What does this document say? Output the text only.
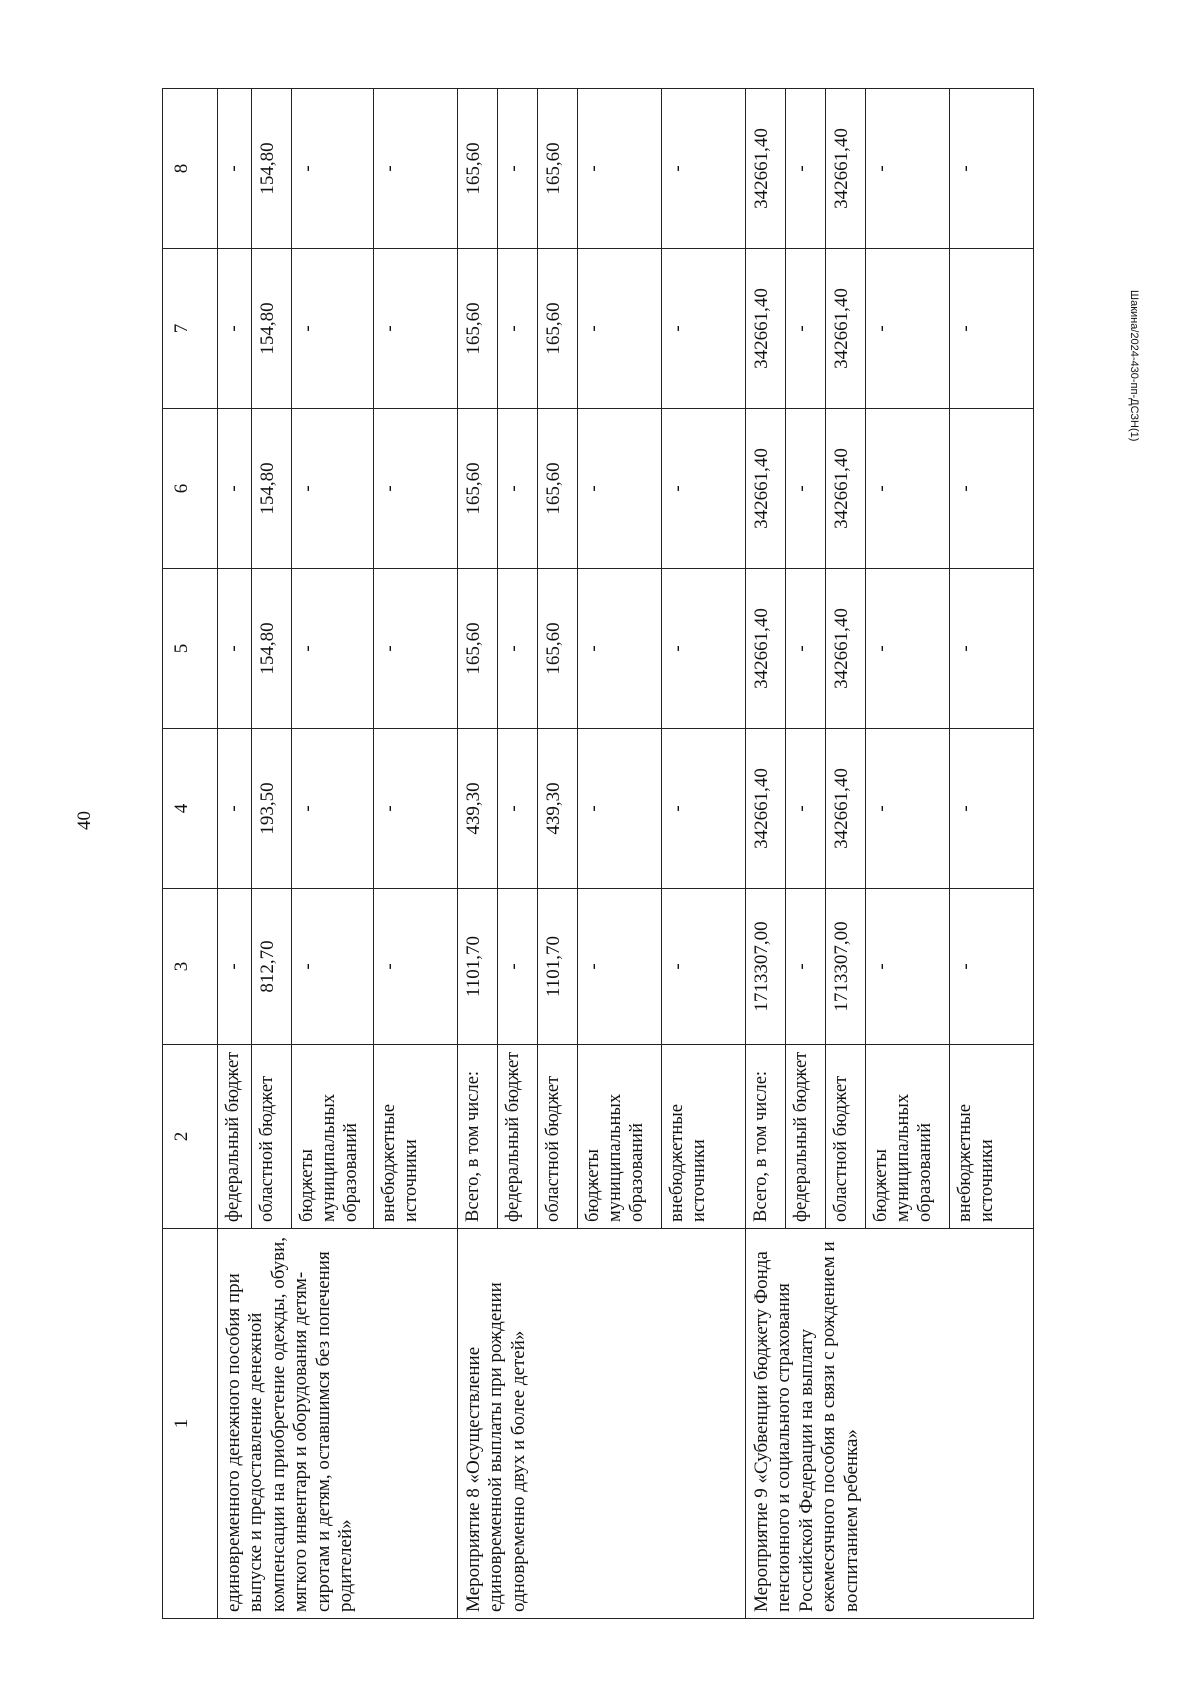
40
Шакина/2024-430-пп-ДСЗН(1)
1	2	3	4	5	6	7	8
единовременного денежного пособия при выпуске и предоставление денежной компенсации на приобретение одежды, обуви, мягкого инвентаря и оборудования детям-сиротам и детям, оставшимся без попечения родителей»	федеральный бюджет	-	-	-	-	-	-
	областной бюджет	812,70	193,50	154,80	154,80	154,80	154,80
	бюджеты муниципальных образований	-	-	-	-	-	-
	внебюджетные источники	-	-	-	-	-	-
Мероприятие 8 «Осуществление единовременной выплаты при рождении одновременно двух и более детей»	Всего, в том числе:	1101,70	439,30	165,60	165,60	165,60	165,60
	федеральный бюджет	-	-	-	-	-	-
	областной бюджет	1101,70	439,30	165,60	165,60	165,60	165,60
	бюджеты муниципальных образований	-	-	-	-	-	-
	внебюджетные источники	-	-	-	-	-	-
Мероприятие 9 «Субвенции бюджету Фонда пенсионного и социального страхования Российской Федерации на выплату ежемесячного пособия в связи с рождением и воспитанием ребенка»	Всего, в том числе:	1713307,00	342661,40	342661,40	342661,40	342661,40	342661,40
	федеральный бюджет	-	-	-	-	-	-
	областной бюджет	1713307,00	342661,40	342661,40	342661,40	342661,40	342661,40
	бюджеты муниципальных образований	-	-	-	-	-	-
	внебюджетные источники	-	-	-	-	-	-
